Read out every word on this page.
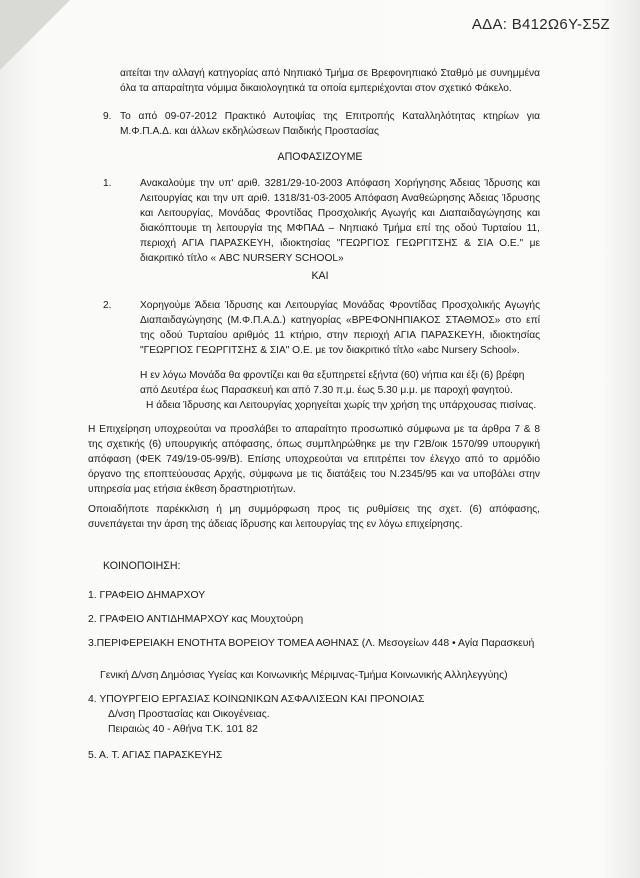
ΑΔΑ: Β412Ω6Υ-Σ5Ζ
αιτείται την αλλαγή κατηγορίας από Νηπιακό Τμήμα σε Βρεφονηπιακό Σταθμό με συνημμένα όλα τα απαραίτητα νόμιμα δικαιολογητικά τα οποία εμπεριέχονται στον σχετικό Φάκελο.
9. Το από 09-07-2012 Πρακτικό Αυτοψίας της Επιτροπής Καταλληλότητας κτηρίων για Μ.Φ.Π.Α.Δ. και άλλων εκδηλώσεων Παιδικής Προστασίας
ΑΠΟΦΑΣΙΖΟΥΜΕ
1.	Ανακαλούμε την υπ' αριθ. 3281/29-10-2003 Απόφαση Χορήγησης Άδειας Ίδρυσης και Λειτουργίας και την υπ αριθ. 1318/31-03-2005 Απόφαση Αναθεώρησης Άδειας Ίδρυσης και Λειτουργίας, Μονάδας Φροντίδας Προσχολικής Αγωγής και Διαπαιδαγώγησης και διακόπτουμε τη λειτουργία της ΜΦΠΑΔ – Νηπιακό Τμήμα επί της οδού Τυρταίου 11, περιοχή ΑΓΙΑ ΠΑΡΑΣΚΕΥΗ, ιδιοκτησίας "ΓΕΩΡΓΙΟΣ ΓΕΩΡΓΙΤΣΗΣ & ΣΙΑ Ο.Ε." με διακριτικό τίτλο « ABC NURSERY SCHOOL»
ΚΑΙ
2.	Χορηγούμε Άδεια Ίδρυσης και Λειτουργίας Μονάδας Φροντίδας Προσχολικής Αγωγής Διαπαιδαγώγησης (Μ.Φ.Π.Α.Δ.) κατηγορίας «ΒΡΕΦΟΝΗΠΙΑΚΟΣ ΣΤΑΘΜΟΣ» στο επί της οδού Τυρταίου αριθμός 11 κτήριο, στην περιοχή ΑΓΙΑ ΠΑΡΑΣΚΕΥΗ, ιδιοκτησίας "ΓΕΩΡΓΙΟΣ ΓΕΩΡΓΙΤΣΗΣ & ΣΙΑ" Ο.Ε. με τον διακριτικό τίτλο «abc Nursery School».
Η εν λόγω Μονάδα θα φροντίζει και θα εξυπηρετεί εξήντα (60) νήπια και έξι (6) βρέφη
από Δευτέρα έως Παρασκευή και από 7.30 π.μ. έως 5.30 μ.μ. με παροχή φαγητού.
Η άδεια Ίδρυσης και Λειτουργίας χορηγείται χωρίς την χρήση της υπάρχουσας πισίνας.
Η Επιχείρηση υποχρεούται να προσλάβει το απαραίτητο προσωπικό σύμφωνα με τα άρθρα 7 & 8 της σχετικής (6) υπουργικής απόφασης, όπως συμπληρώθηκε με την Γ2Β/οικ 1570/99 υπουργική απόφαση (ΦΕΚ 749/19-05-99/Β). Επίσης υποχρεούται να επιτρέπει τον έλεγχο από το αρμόδιο όργανο της εποπτεύουσας Αρχής, σύμφωνα με τις διατάξεις του Ν.2345/95 και να υποβάλει στην υπηρεσία μας ετήσια έκθεση δραστηριοτήτων.
Οποιαδήποτε παρέκκλιση ή μη συμμόρφωση προς τις ρυθμίσεις της σχετ. (6) απόφασης, συνεπάγεται την άρση της άδειας ίδρυσης και λειτουργίας της εν λόγω επιχείρησης.
ΚΟΙΝΟΠΟΙΗΣΗ:
1. ΓΡΑΦΕΙΟ ΔΗΜΑΡΧΟΥ
2. ΓΡΑΦΕΙΟ ΑΝΤΙΔΗΜΑΡΧΟΥ κας Μουχτούρη
3.ΠΕΡΙΦΕΡΕΙΑΚΗ ΕΝΟΤΗΤΑ ΒΟΡΕΙΟΥ ΤΟΜΕΑ ΑΘΗΝΑΣ (Λ. Μεσογείων 448 • Αγία Παρασκευή
Γενική Δ/νση Δημόσιας Υγείας και Κοινωνικής Μέριμνας-Τμήμα Κοινωνικής Αλληλεγγύης)
4. ΥΠΟΥΡΓΕΙΟ ΕΡΓΑΣΙΑΣ ΚΟΙΝΩΝΙΚΩΝ ΑΣΦΑΛΙΣΕΩΝ ΚΑΙ ΠΡΟΝΟΙΑΣ
Δ/νση Προστασίας και Οικογένειας.
Πειραιώς 40 - Αθήνα Τ.Κ. 101 82
5. Α. Τ. ΑΓΙΑΣ ΠΑΡΑΣΚΕΥΗΣ
